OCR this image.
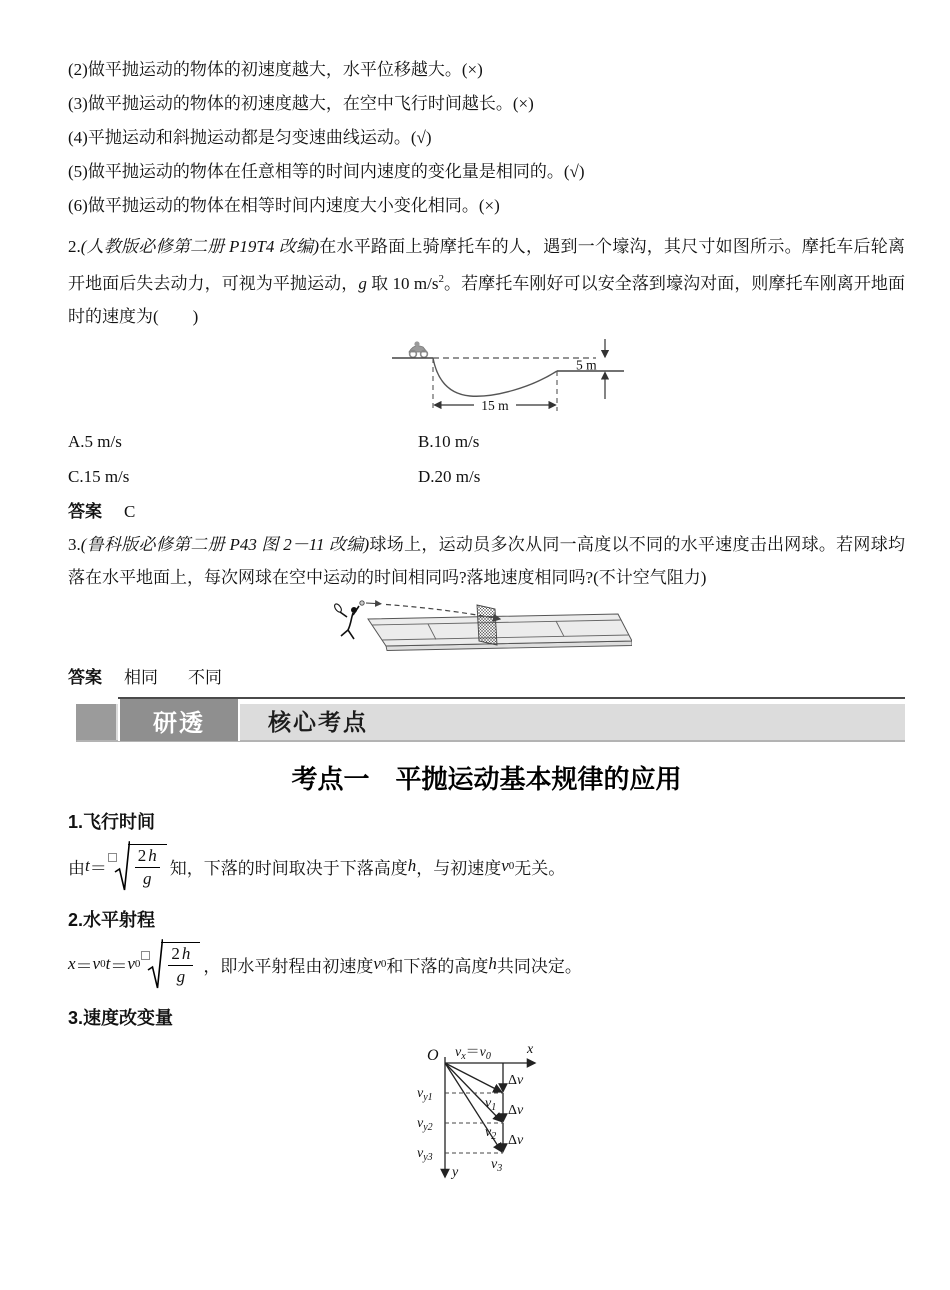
(2)做平抛运动的物体的初速度越大，水平位移越大。(×)

(3)做平抛运动的物体的初速度越大，在空中飞行时间越长。(×)

(4)平抛运动和斜抛运动都是匀变速曲线运动。(√)

(5)做平抛运动的物体在任意相等的时间内速度的变化量是相同的。(√)

(6)做平抛运动的物体在相等时间内速度大小变化相同。(×)

2.(人教版必修第二册 P19T4 改编)在水平路面上骑摩托车的人，遇到一个壕沟，其尺寸如图所示。摩托车后轮离开地面后失去动力，可视为平抛运动，g 取 10 $m/s^2$。若摩托车刚好可以安全落到壕沟对面，则摩托车刚离开地面时的速度为(　　)

5 m
15 m
A.5 m/s	B.10 m/s
C.15 m/s	D.20 m/s
答案 C

3.(鲁科版必修第二册 P43 图 2－11 改编)球场上，运动员多次从同一高度以不同的水平速度击出网球。若网球均落在水平地面上，每次网球在空中运动的时间相同吗?落地速度相同吗?(不计空气阻力)

答案 相同 不同
研透	核心考点
考点一　平抛运动基本规律的应用

1.飞行时间

由 $t = \frac{2 h}{g}$ 知，下落的时间取决于下落高度 h ，与初速度 v 0 无关。

2.水平射程

x ＝ v 0 t ＝ v $0 \frac{2 h}{g}$ ， 即水平射程由初速度 v 0 和下落的高度 h 共同决定。

3.速度改变量

O	x
y
vx＝v0
vy1
vy2
vy3
v1
v2
v3
Δv
Δv
Δv
